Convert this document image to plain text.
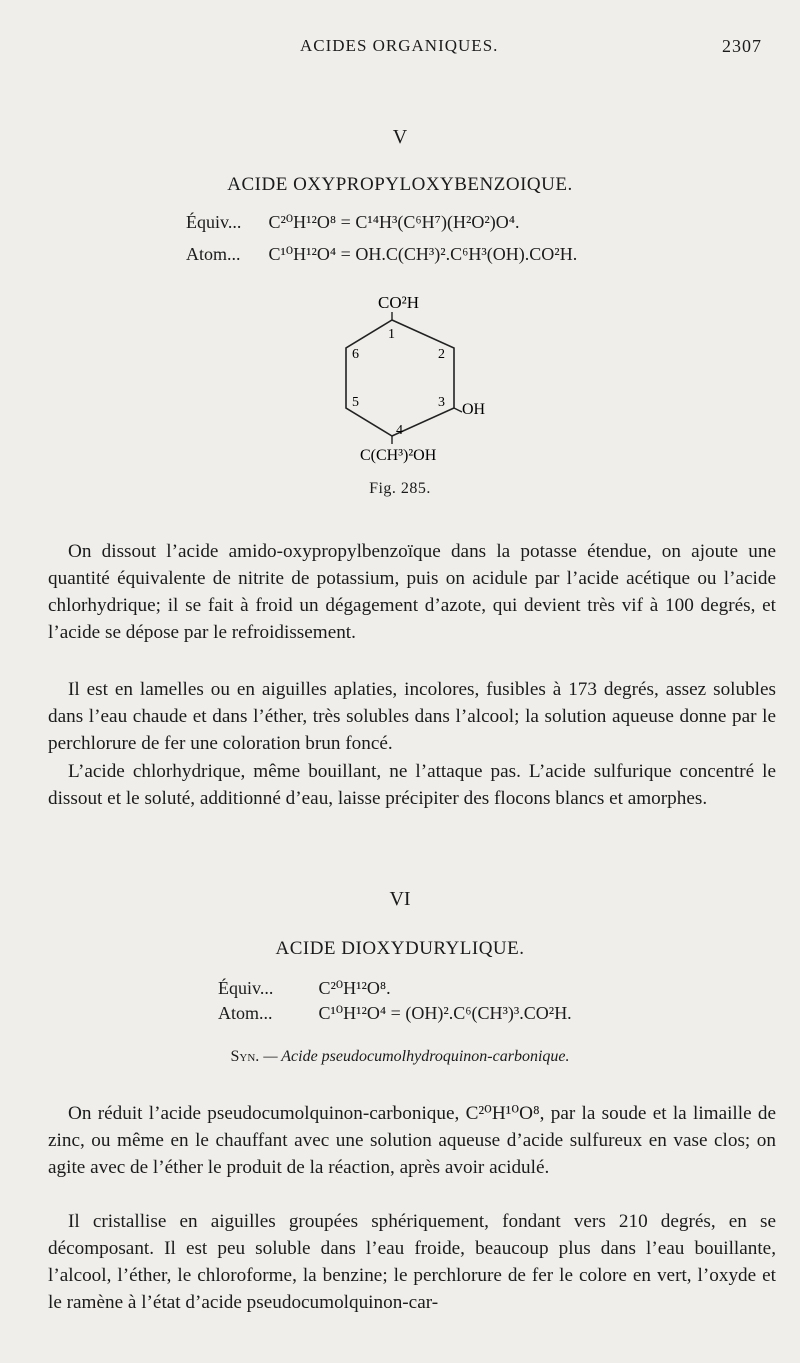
ACIDES ORGANIQUES.	2307
V
ACIDE OXYPROPYLOXYBENZOIQUE.
Équiv... C²⁰H¹²O⁸ = C¹⁴H³(C⁶H⁷)(H²O²)O⁴.
Atom... C¹⁰H¹²O⁴ = OH.C(CH³)².C⁶H³(OH).CO²H.
CO²H
1
2
3
4
5
6
OH
C(CH³)²OH
Fig. 285.

On dissout l’acide amido-oxypropylbenzoïque dans la potasse étendue, on ajoute une quantité équivalente de nitrite de potassium, puis on acidule par l’acide acétique ou l’acide chlorhydrique; il se fait à froid un dégagement d’azote, qui devient très vif à 100 degrés, et l’acide se dépose par le refroidissement.

Il est en lamelles ou en aiguilles aplaties, incolores, fusibles à 173 degrés, assez solubles dans l’eau chaude et dans l’éther, très solubles dans l’alcool; la solution aqueuse donne par le perchlorure de fer une coloration brun foncé.

L’acide chlorhydrique, même bouillant, ne l’attaque pas. L’acide sulfurique concentré le dissout et le soluté, additionné d’eau, laisse précipiter des flocons blancs et amorphes.

VI
ACIDE DIOXYDURYLIQUE.
Équiv...	C²⁰H¹²O⁸.
Atom...	C¹⁰H¹²O⁴ = (OH)².C⁶(CH³)³.CO²H.
Syn. — Acide pseudocumolhydroquinon-carbonique.

On réduit l’acide pseudocumolquinon-carbonique, C²⁰H¹⁰O⁸, par la soude et la limaille de zinc, ou même en le chauffant avec une solution aqueuse d’acide sulfureux en vase clos; on agite avec de l’éther le produit de la réaction, après avoir acidulé.

Il cristallise en aiguilles groupées sphériquement, fondant vers 210 degrés, en se décomposant. Il est peu soluble dans l’eau froide, beaucoup plus dans l’eau bouillante, l’alcool, l’éther, le chloroforme, la benzine; le perchlorure de fer le colore en vert, l’oxyde et le ramène à l’état d’acide pseudocumolquinon-car-
